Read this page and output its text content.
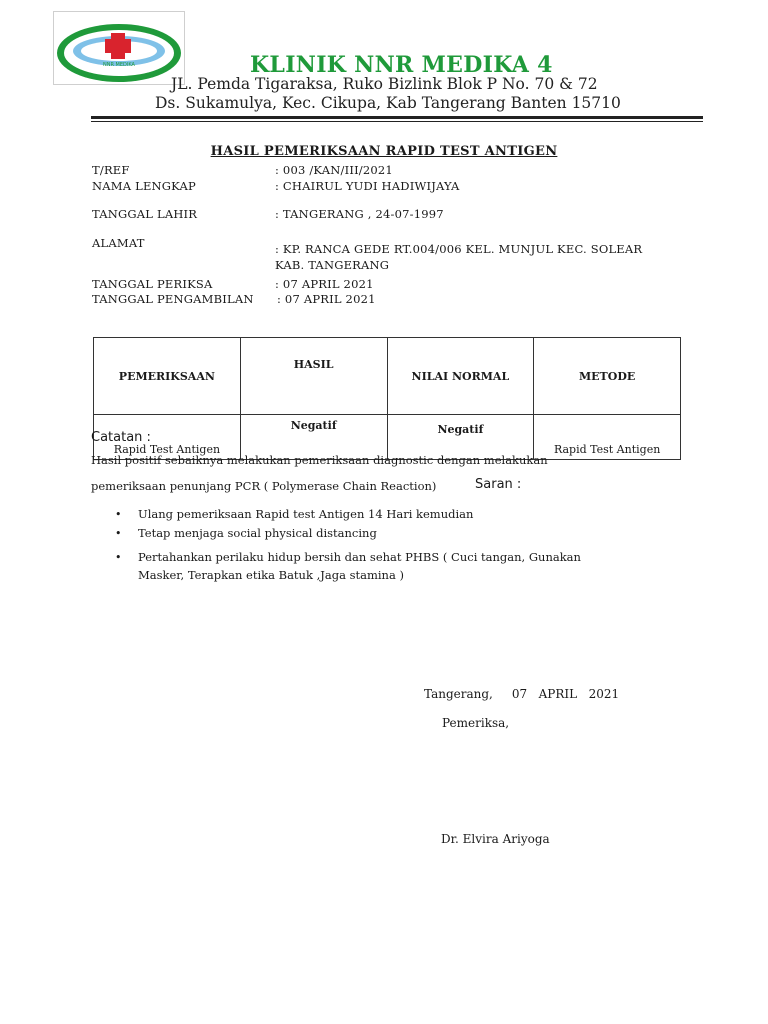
NNR MEDIKA	KLINIK NNR MEDIKA 4
JL. Pemda Tigaraksa, Ruko Bizlink Blok P No. 70 & 72
Ds. Sukamulya, Kec. Cikupa, Kab Tangerang Banten 15710
HASIL PEMERIKSAAN RAPID TEST ANTIGEN
T/REF	: 003 /KAN/III/2021
NAMA LENGKAP	: CHAIRUL YUDI HADIWIJAYA
TANGGAL LAHIR	: TANGERANG , 24-07-1997
ALAMAT	: KP. RANCA GEDE RT.004/006 KEL. MUNJUL KEC. SOLEAR
KAB. TANGERANG
TANGGAL PERIKSA	: 07 APRIL 2021
TANGGAL PENGAMBILAN : 07 APRIL 2021
PEMERIKSAAN	HASIL	NILAI NORMAL	METODE
Rapid Test Antigen	Negatif	Negatif	Rapid Test Antigen
Catatan :
Hasil positif sebaiknya melakukan pemeriksaan diagnostic dengan melakukan
pemeriksaan penunjang PCR ( Polymerase Chain Reaction)	Saran :
• Ulang pemeriksaan Rapid test Antigen 14 Hari kemudian
• Tetap menjaga social physical distancing
• Pertahankan perilaku hidup bersih dan sehat PHBS ( Cuci tangan, Gunakan
Masker, Terapkan etika Batuk ,Jaga stamina )
Tangerang,     07   APRIL   2021
Pemeriksa,
Dr. Elvira Ariyoga
